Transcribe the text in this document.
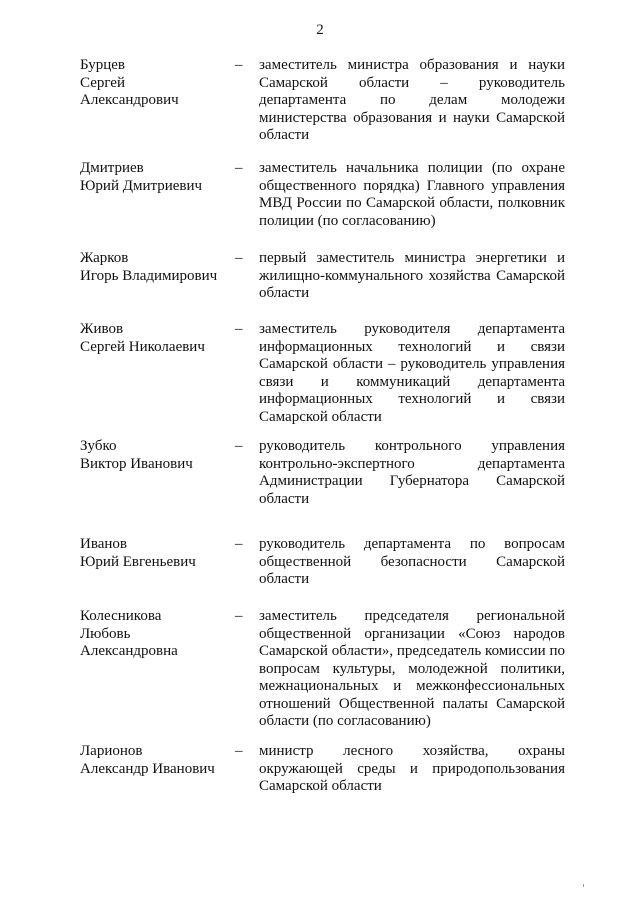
2
Бурцев
Сергей
Александрович
– заместитель министра образования и науки Самарской области – руководитель департамента по делам молодежи министерства образования и науки Самарской области
Дмитриев
Юрий Дмитриевич
– заместитель начальника полиции (по охране общественного порядка) Главного управления МВД России по Самарской области, полковник полиции (по согласованию)
Жарков
Игорь Владимирович
– первый заместитель министра энергетики и жилищно-коммунального хозяйства Самарской области
Живов
Сергей Николаевич
– заместитель руководителя департамента информационных технологий и связи Самарской области – руководитель управления связи и коммуникаций департамента информационных технологий и связи Самарской области
Зубко
Виктор Иванович
– руководитель контрольного управления контрольно-экспертного департамента Администрации Губернатора Самарской области
Иванов
Юрий Евгеньевич
– руководитель департамента по вопросам общественной безопасности Самарской области
Колесникова
Любовь
Александровна
– заместитель председателя региональной общественной организации «Союз народов Самарской области», председатель комиссии по вопросам культуры, молодежной политики, межнациональных и межконфессиональных отношений Общественной палаты Самарской области (по согласованию)
Ларионов
Александр Иванович
– министр лесного хозяйства, охраны окружающей среды и природопользования Самарской области
